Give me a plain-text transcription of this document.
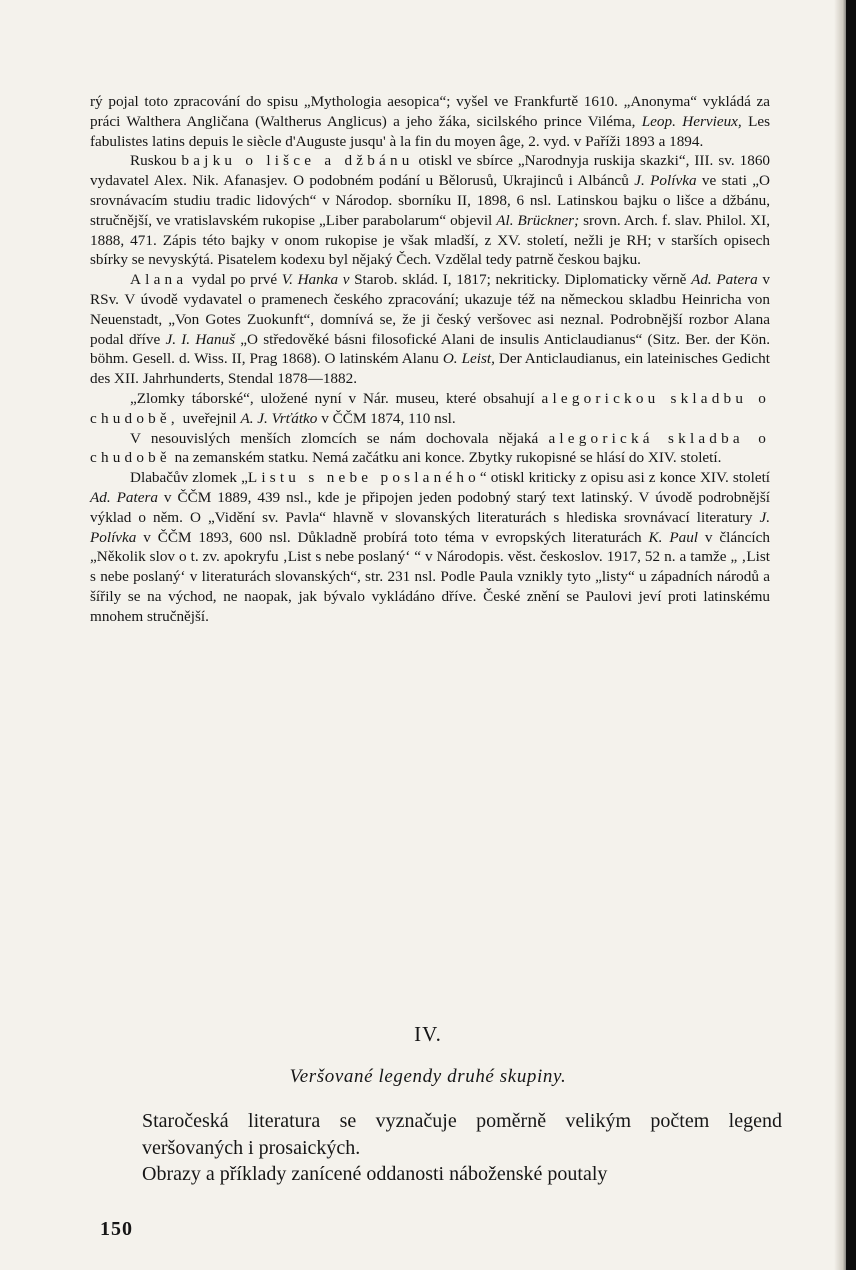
rý pojal toto zpracování do spisu „Mythologia aesopica“; vyšel ve Frankfurtě 1610. „Anonyma“ vykládá za práci Walthera Angličana (Waltherus Anglicus) a jeho žáka, sicilského prince Viléma, Leop. Hervieux, Les fabulistes latins depuis le siècle d'Auguste jusqu' à la fin du moyen âge, 2. vyd. v Paříži 1893 a 1894.

Ruskou bajku o lišce a džbánu otiskl ve sbírce „Narodnyja ruskija skazki“, III. sv. 1860 vydavatel Alex. Nik. Afanasjev. O podobném podání u Bělorusů, Ukrajinců i Albánců J. Polívka ve stati „O srovnávacím studiu tradic lidových“ v Národop. sborníku II, 1898, 6 nsl. Latinskou bajku o lišce a džbánu, stručnější, ve vratislavském rukopise „Liber parabolarum“ objevil Al. Brückner; srovn. Arch. f. slav. Philol. XI, 1888, 471. Zápis této bajky v onom rukopise je však mladší, z XV. století, nežli je RH; v starších opisech sbírky se nevyskýtá. Pisatelem kodexu byl nějaký Čech. Vzdělal tedy patrně českou bajku.

Alana vydal po prvé V. Hanka v Starob. sklád. I, 1817; nekriticky. Diplomaticky věrně Ad. Patera v RSv. V úvodě vydavatel o pramenech českého zpracování; ukazuje též na německou skladbu Heinricha von Neuenstadt, „Von Gotes Zuokunft“, domnívá se, že ji český veršovec asi neznal. Podrobnější rozbor Alana podal dříve J. I. Hanuš „O středověké básni filosofické Alani de insulis Anticlaudianus“ (Sitz. Ber. der Kön. böhm. Gesell. d. Wiss. II, Prag 1868). O latinském Alanu O. Leist, Der Anticlaudianus, ein lateinisches Gedicht des XII. Jahrhunderts, Stendal 1878—1882.

„Zlomky táborské“, uložené nyní v Nár. museu, které obsahují alegorickou skladbu o chudobě, uveřejnil A. J. Vrťátko v ČČM 1874, 110 nsl.

V nesouvislých menších zlomcích se nám dochovala nějaká alegorická skladba o chudobě na zemanském statku. Nemá začátku ani konce. Zbytky rukopisné se hlásí do XIV. století.

Dlabačův zlomek „Listu s nebe poslaného“ otiskl kriticky z opisu asi z konce XIV. století Ad. Patera v ČČM 1889, 439 nsl., kde je připojen jeden podobný starý text latinský. V úvodě podrobnější výklad o něm. O „Vidění sv. Pavla“ hlavně v slovanských literaturách s hlediska srovnávací literatury J. Polívka v ČČM 1893, 600 nsl. Důkladně probírá toto téma v evropských literaturách K. Paul v článcích „Několik slov o t. zv. apokryfu ‚List s nebe poslaný‘ “ v Národopis. věst. českoslov. 1917, 52 n. a tamže „ ‚List s nebe poslaný‘ v literaturách slovanských“, str. 231 nsl. Podle Paula vznikly tyto „listy“ u západních národů a šířily se na východ, ne naopak, jak bývalo vykládáno dříve. České znění se Paulovi jeví proti latinskému mnohem stručnější.

IV.
Veršované legendy druhé skupiny.

Staročeská literatura se vyznačuje poměrně velikým počtem legend veršovaných i prosaických.

Obrazy a příklady zanícené oddanosti náboženské poutaly

150
